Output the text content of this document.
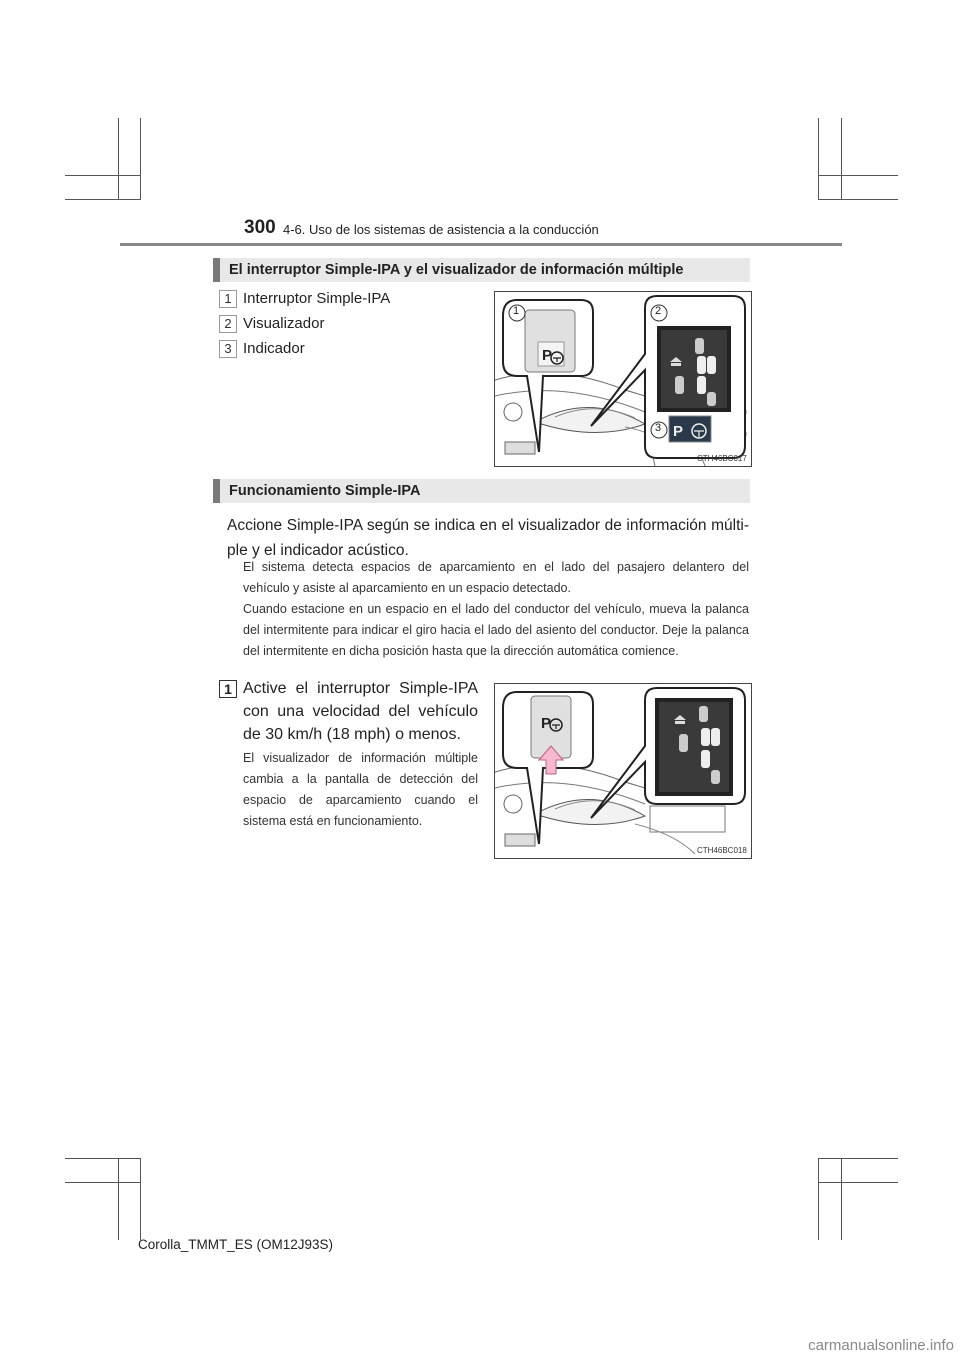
300 4-6. Uso de los sistemas de asistencia a la conducción
El interruptor Simple-IPA y el visualizador de información múltiple
1 Interruptor Simple-IPA
2 Visualizador
3 Indicador	P
P
1	2
3
CTH46BC017
Funcionamiento Simple-IPA
Accione Simple-IPA según se indica en el visualizador de información múltiple y el indicador acústico.
El sistema detecta espacios de aparcamiento en el lado del pasajero delantero del vehículo y asiste al aparcamiento en un espacio detectado.
Cuando estacione en un espacio en el lado del conductor del vehículo, mueva la palanca del intermitente para indicar el giro hacia el lado del asiento del conductor. Deje la palanca del intermitente en dicha posición hasta que la dirección automática comience.
1 Active el interruptor Simple-IPA con una velocidad del vehículo de 30 km/h (18 mph) o menos.
El visualizador de información múltiple cambia a la pantalla de detección del espacio de aparcamiento cuando el sistema está en funcionamiento.
P
CTH46BC018
Corolla_TMMT_ES (OM12J93S)
carmanualsonline.info
